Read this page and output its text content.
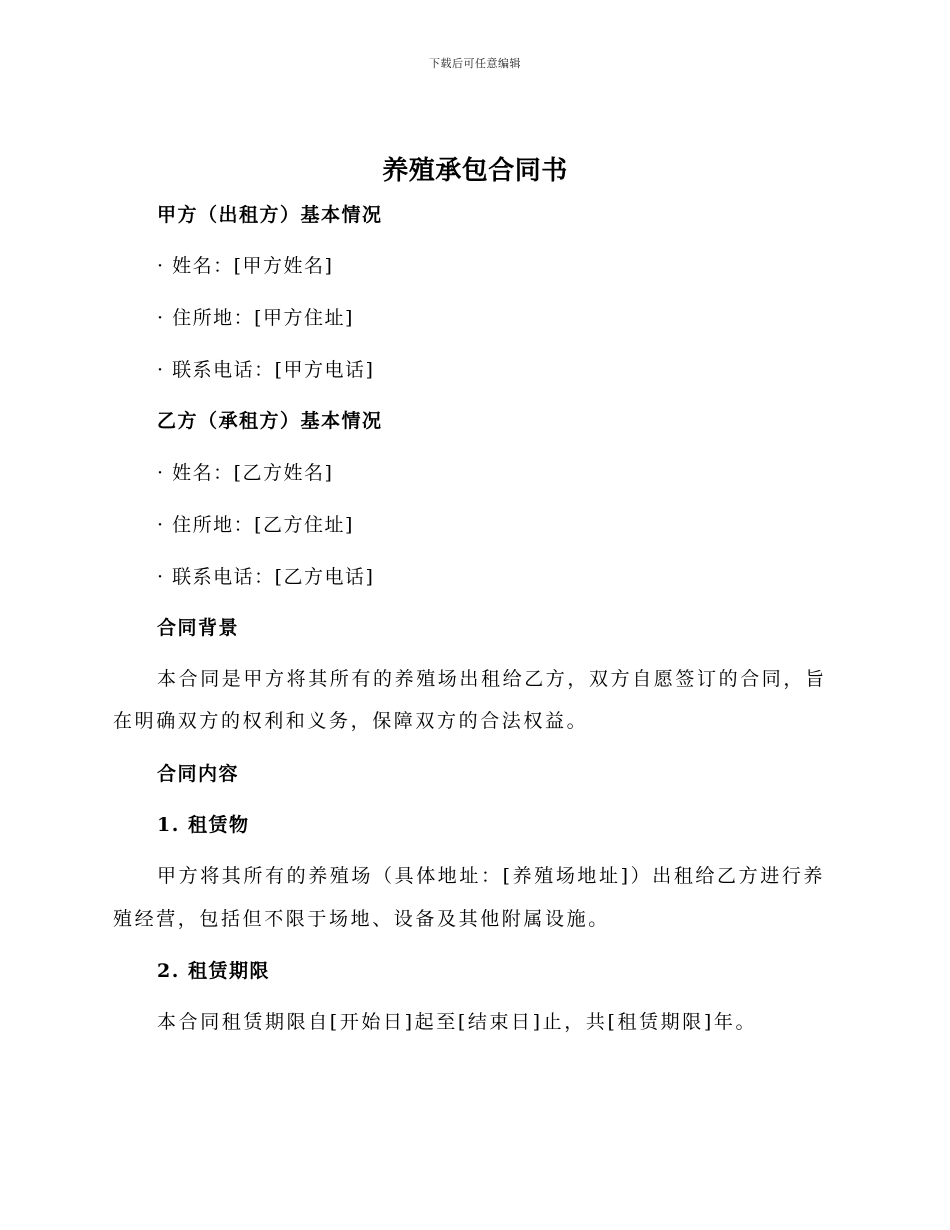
下载后可任意编辑
养殖承包合同书
甲方（出租方）基本情况
· 姓名：[甲方姓名]
· 住所地：[甲方住址]
· 联系电话：[甲方电话]
乙方（承租方）基本情况
· 姓名：[乙方姓名]
· 住所地：[乙方住址]
· 联系电话：[乙方电话]
合同背景
本合同是甲方将其所有的养殖场出租给乙方，双方自愿签订的合同，旨
在明确双方的权利和义务，保障双方的合法权益。
合同内容
1. 租赁物
甲方将其所有的养殖场（具体地址：[养殖场地址]）出租给乙方进行养
殖经营，包括但不限于场地、设备及其他附属设施。
2. 租赁期限
本合同租赁期限自[开始日]起至[结束日]止，共[租赁期限]年。
